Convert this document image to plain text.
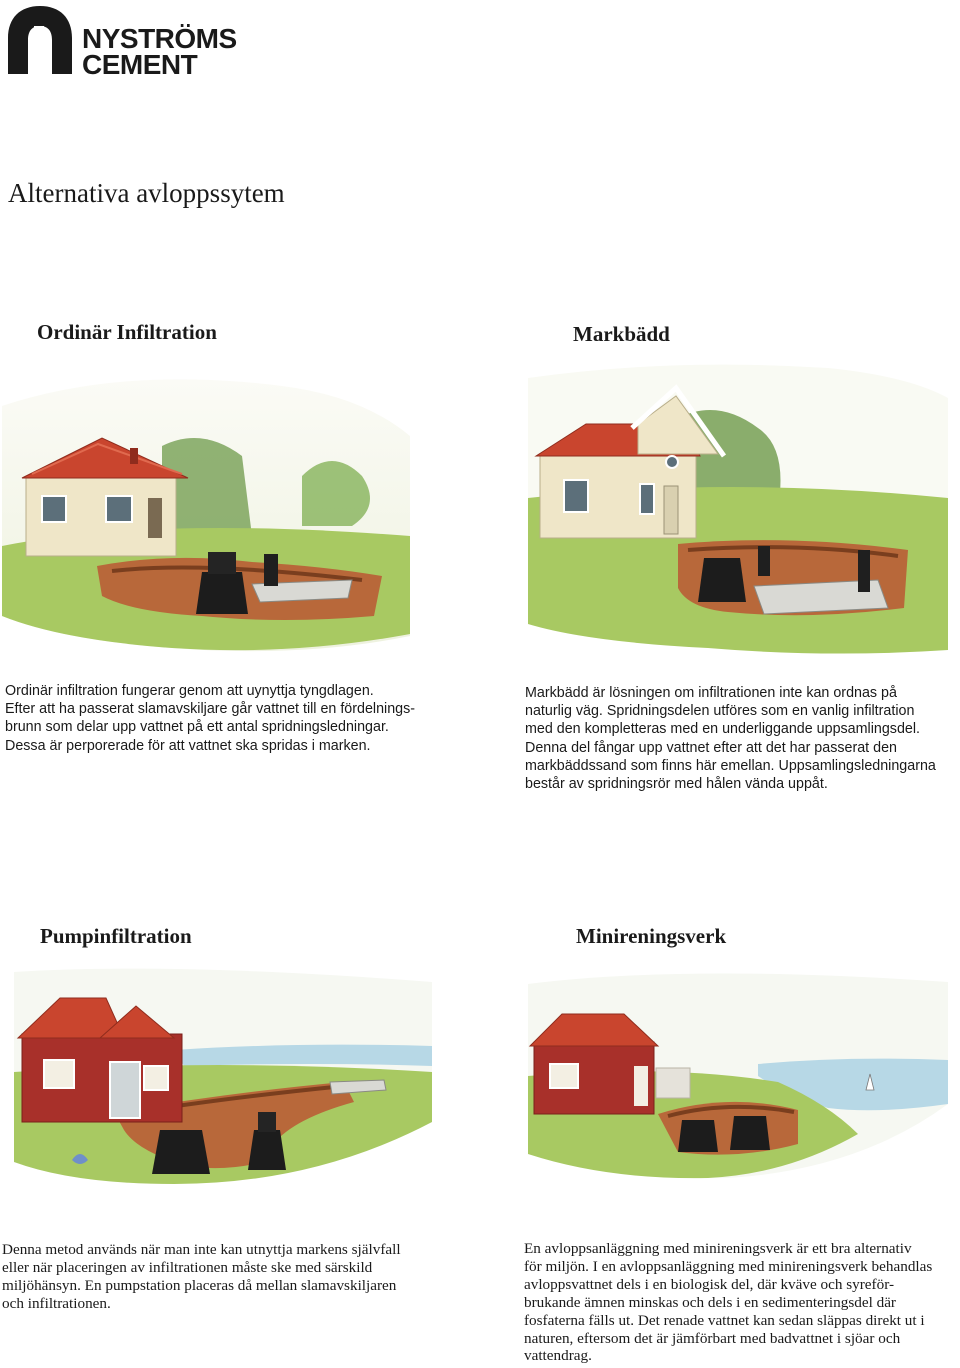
NYSTRÖMS
CEMENT
Alternativa avloppssytem
Ordinär Infiltration	Markbädd
Pumpinfiltration	Minireningsverk
Ordinär infiltration fungerar genom att uynyttja tyngdlagen.
Efter att ha passerat slamavskiljare går vattnet till en fördelnings-
brunn som delar upp vattnet på ett antal spridningsledningar.
Dessa är perporerade för att vattnet ska spridas i marken.
Markbädd är lösningen om infiltrationen inte kan ordnas på
naturlig väg. Spridningsdelen utföres som en vanlig infiltration
med den kompletteras med en underliggande uppsamlingsdel.
Denna del fångar upp vattnet efter att det har passerat den
markbäddssand som finns här emellan. Uppsamlingsledningarna
består av spridningsrör med hålen vända uppåt.
Denna metod används när man inte kan utnyttja markens självfall
eller när placeringen av infiltrationen måste ske med särskild
miljöhänsyn. En pumpstation placeras då mellan slamavskiljaren
och infiltrationen.
En avloppsanläggning med minireningsverk är ett bra alternativ
för miljön. I en avloppsanläggning med minireningsverk behandlas
avloppsvattnet dels i en biologisk del, där kväve och syreför-
brukande ämnen minskas och dels i en sedimenteringsdel där
fosfaterna fälls ut. Det renade vattnet kan sedan släppas direkt ut i
naturen, eftersom det är jämförbart med badvattnet i sjöar och
vattendrag.
